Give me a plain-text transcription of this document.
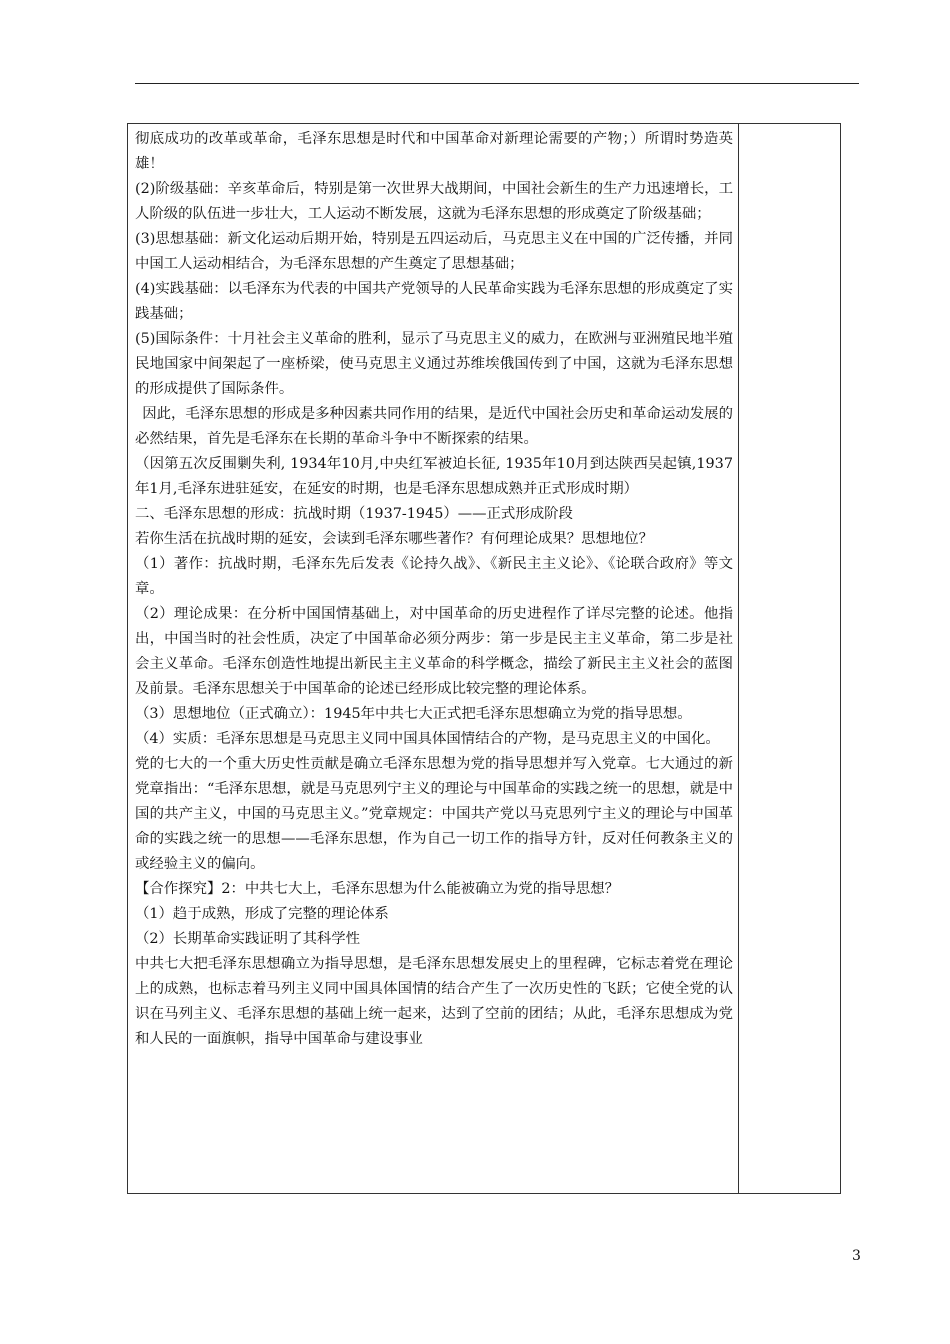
彻底成功的改革或革命，毛泽东思想是时代和中国革命对新理论需要的产物；）所谓时势造英雄！

(2)阶级基础：辛亥革命后，特别是第一次世界大战期间，中国社会新生的生产力迅速增长，工人阶级的队伍进一步壮大，工人运动不断发展，这就为毛泽东思想的形成奠定了阶级基础；

(3)思想基础：新文化运动后期开始，特别是五四运动后，马克思主义在中国的广泛传播，并同中国工人运动相结合，为毛泽东思想的产生奠定了思想基础；

(4)实践基础：以毛泽东为代表的中国共产党领导的人民革命实践为毛泽东思想的形成奠定了实践基础；

(5)国际条件：十月社会主义革命的胜利，显示了马克思主义的威力，在欧洲与亚洲殖民地半殖民地国家中间架起了一座桥梁，使马克思主义通过苏维埃俄国传到了中国，这就为毛泽东思想的形成提供了国际条件。

因此，毛泽东思想的形成是多种因素共同作用的结果，是近代中国社会历史和革命运动发展的必然结果，首先是毛泽东在长期的革命斗争中不断探索的结果。

（因第五次反围剿失利, 1934年10月,中央红军被迫长征, 1935年10月到达陕西吴起镇,1937年1月,毛泽东进驻延安，在延安的时期，也是毛泽东思想成熟并正式形成时期）

二、毛泽东思想的形成：抗战时期（1937-1945）——正式形成阶段

若你生活在抗战时期的延安，会读到毛泽东哪些著作？有何理论成果？思想地位？

（1）著作：抗战时期，毛泽东先后发表《论持久战》、《新民主主义论》、《论联合政府》等文章。

（2）理论成果：在分析中国国情基础上，对中国革命的历史进程作了详尽完整的论述。他指出，中国当时的社会性质，决定了中国革命必须分两步：第一步是民主主义革命，第二步是社会主义革命。毛泽东创造性地提出新民主主义革命的科学概念，描绘了新民主主义社会的蓝图及前景。毛泽东思想关于中国革命的论述已经形成比较完整的理论体系。

（3）思想地位（正式确立）：1945年中共七大正式把毛泽东思想确立为党的指导思想。

（4）实质：毛泽东思想是马克思主义同中国具体国情结合的产物，是马克思主义的中国化。

党的七大的一个重大历史性贡献是确立毛泽东思想为党的指导思想并写入党章。七大通过的新党章指出：“毛泽东思想，就是马克思列宁主义的理论与中国革命的实践之统一的思想，就是中国的共产主义，中国的马克思主义。”党章规定：中国共产党以马克思列宁主义的理论与中国革命的实践之统一的思想——毛泽东思想，作为自己一切工作的指导方针，反对任何教条主义的或经验主义的偏向。

【合作探究】2：中共七大上，毛泽东思想为什么能被确立为党的指导思想？

（1）趋于成熟，形成了完整的理论体系

（2）长期革命实践证明了其科学性

中共七大把毛泽东思想确立为指导思想，是毛泽东思想发展史上的里程碑，它标志着党在理论上的成熟，也标志着马列主义同中国具体国情的结合产生了一次历史性的飞跃；它使全党的认识在马列主义、毛泽东思想的基础上统一起来，达到了空前的团结；从此，毛泽东思想成为党和人民的一面旗帜，指导中国革命与建设事业

3
